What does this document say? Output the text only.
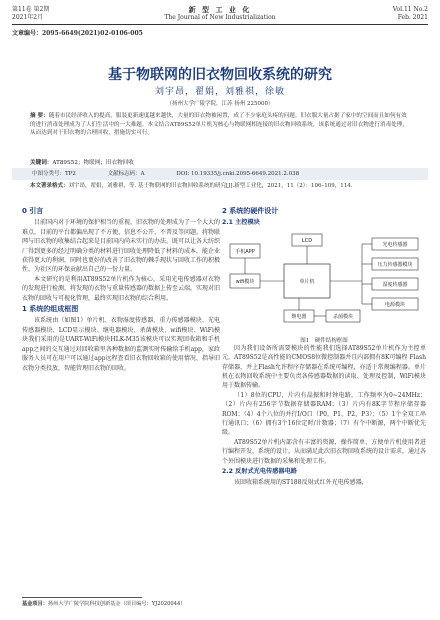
第11卷 第2期
2021年2月
新 型 工 业 化
The Journal of New Industrialization
Vol.11 No.2
Feb. 2021
文章编号：2095-6649(2021)02-0106-005
基于物联网的旧衣物回收系统的研究
刘宇昂，翟娟，刘雅祺，徐敏
（扬州大学广陵学院，江苏 扬州 225000）
摘 要：随着市民经济收入的提高，服装更新速度越来越快，大量的旧衣物被闲置，成了不少家庭头疼的问题。旧衣服大量占据了家中的空间而且如何有效的进行消毒处理成为了人们生活中的一大难题。本文结合AT89S52单片机为核心与物联网相连接的旧衣物回收系统，该系统通过对旧衣物进行消毒处理，从而达到对于旧衣物的合理回收，措施切实可行。
关键词：AT89S52；物联网；旧衣物回收
中图分类号：TP2	文献标志码：A	DOI: 10.19335/j.cnki.2095-6649.2021.2.038
本文著录格式：刘宇昂，翟娟，刘雅祺，等. 基于物联网的旧衣物回收系统的研究[J].新型工业化，2021，11（2）：106–109，114.
0 引言
目前国内对于环境的保护相当的重视，旧衣物的处理成为了一个大大的难点，目前的平台都偏出现了不方便、信息不公开、不普及等问题。将物联网与旧衣物的收集结合起来是目前国内尚未实行的办法，既可以让各大纺织厂得到更多的经过明确分类的材料进行回收处理降低了材料的成本，能企业获得更大的利润，同时也更好的改善了旧衣物的棘手现状与回收工作的积极性，为社区的环保贡献出自己的一份力量。
本文研究的是利用AT89S52单片机作为核心，采用光电传感器对衣物的发现进行检测，将发现的衣物与重量传感器的数据上传至云端，实现对旧衣物的回收与可视化管理，最终实现旧衣物的综合利用。
1 系统的组成框图
该系统由（如图1）单片机、衣物湿度传感器、重力传感器模块、光电传感器模块、LCD显示模块、继电器模块、杀菌模块、wifi模块、WiFi模块我们采用的是UART-WiFi模块HLK-M35该模块可以实现回收箱和手机app之间的交互通过对回收箱里各种数据的监测实时传输给手机app，家政服务人员可在用户可以通过app远程查看旧衣物回收箱的使用情况、指导旧衣物分类投放，智能管理旧衣物的回收。
2 系统的硬件设计
2.1 主控模块
wifi模块
手机APP
LCD
单片机
继电器	杀菌模块
光电传感器
压力传感器模块
湿度传感器
电源模块
图1　硬件结构框图
因为我们设备所需要模块的性能我们选择AT89S52单片机作为主控单元。AT89S52是高性能的CMOS8位微控制器并且内部拥有8K可编程 Flash存储器，并上Flash允许程序存储器在系统可编程，亦适于常规编程器。单片机在衣物回收系统中主要负责各传感器数据的读取、处理及控制，WiFi模块用于数据传输。
（1）8位的CPU，片内有晶振和时钟电路，工作频率为0~24MHz；（2）片内有256字节数据存储器RAM；（3）片内有8K字节程序储存器ROM；（4）4个八位的并行I/O口（P0，P1，P2，P3）；（5）1个全双工串行通讯口；（6）拥有3个16位定时/计数器；（7）有个中断源，两个中断优先级。
AT89S52单片机内部含有丰富的资源，操作简单，方便单片机使用者进行编程开发，系统的设计，从而满足此次旧衣物回收系统的设计需求，通过各个外围模块进行数据的采集和处理工作。
2.2 反射式光电传感器电路
该回收箱系统用的ST188反射式红外光电传感器，
基金项目：扬州大学广陵学院科技创新基金（项目编号：YJ2020044）
